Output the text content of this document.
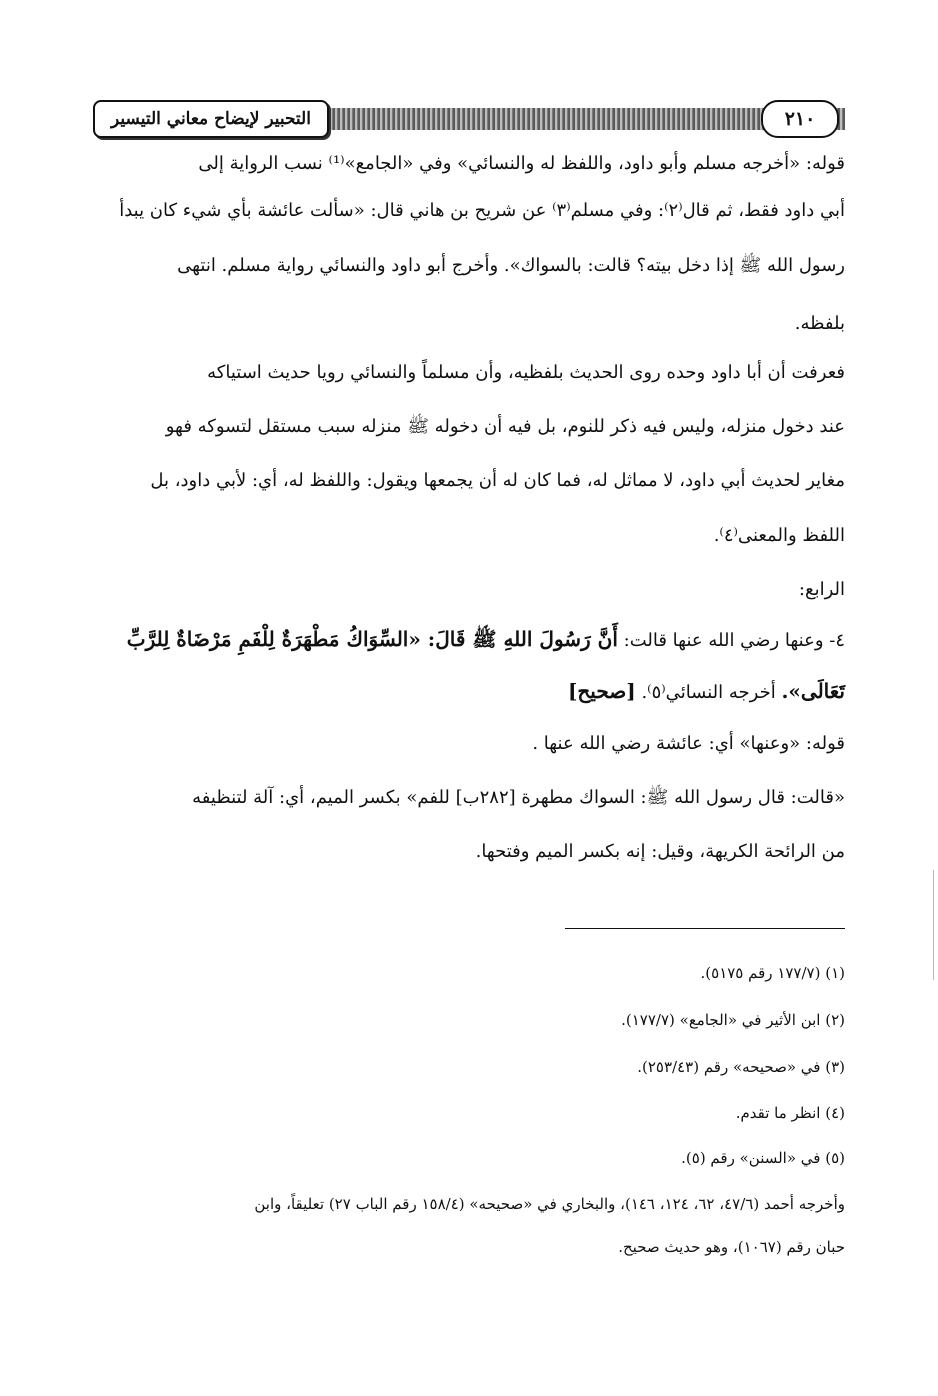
التحبير لإيضاح معاني التيسير	٢١٠

قوله: «أخرجه مسلم وأبو داود، واللفظ له والنسائي» وفي «الجامع»⁽¹⁾ نسب الرواية إلى

أبي داود فقط، ثم قال⁽٢⁾: وفي مسلم⁽٣⁾ عن شريح بن هاني قال: «سألت عائشة بأي شيء كان يبدأ

رسول الله ﷺ إذا دخل بيته؟ قالت: بالسواك». وأخرج أبو داود والنسائي رواية مسلم. انتهى

بلفظه.

فعرفت أن أبا داود وحده روى الحديث بلفظيه، وأن مسلماً والنسائي رويا حديث استياكه

عند دخول منزله، وليس فيه ذكر للنوم، بل فيه أن دخوله ﷺ منزله سبب مستقل لتسوكه فهو

مغاير لحديث أبي داود، لا مماثل له، فما كان له أن يجمعها ويقول: واللفظ له، أي: لأبي داود، بل

اللفظ والمعنى⁽٤⁾.

الرابع:

٤- وعنها رضي الله عنها قالت: أَنَّ رَسُولَ اللهِ ﷺ قَالَ: «السِّوَاكُ مَطْهَرَةٌ لِلْفَمِ مَرْضَاةٌ لِلرَّبِّ

تَعَالَى». أخرجه النسائي⁽٥⁾. [صحيح]

قوله: «وعنها» أي: عائشة رضي الله عنها .

«قالت: قال رسول الله ﷺ: السواك مطهرة [٢٨٢ب] للفم» بكسر الميم، أي: آلة لتنظيفه

من الرائحة الكريهة، وقيل: إنه بكسر الميم وفتحها.

(١) (١٧٧/٧ رقم ٥١٧٥).

(٢) ابن الأثير في «الجامع» (١٧٧/٧).

(٣) في «صحيحه» رقم (٢٥٣/٤٣).

(٤) انظر ما تقدم.

(٥) في «السنن» رقم (٥).

وأخرجه أحمد (٤٧/٦، ٦٢، ١٢٤، ١٤٦)، والبخاري في «صحيحه» (١٥٨/٤ رقم الباب ٢٧) تعليقاً، وابن

حبان رقم (١٠٦٧)، وهو حديث صحيح.
